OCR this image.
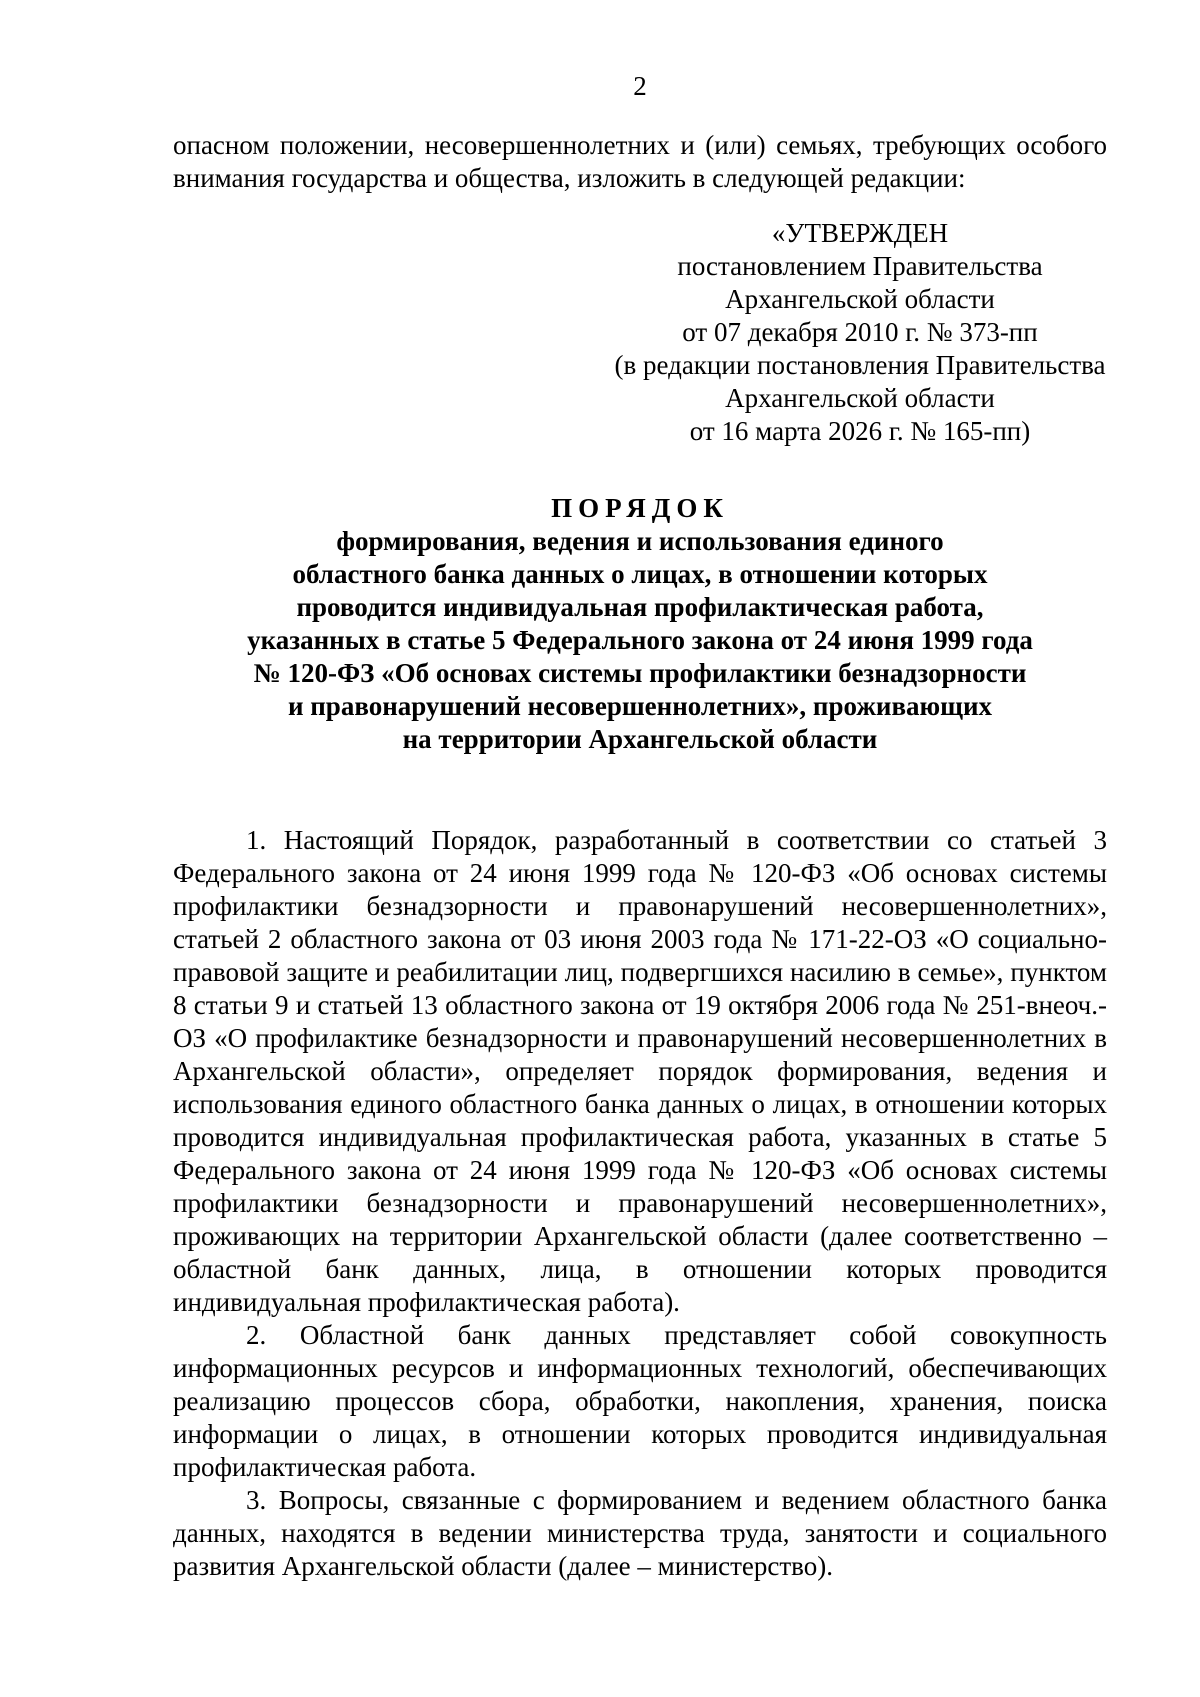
2

опасном положении, несовершеннолетних и (или) семьях, требующих особого внимания государства и общества, изложить в следующей редакции:

«УТВЕРЖДЕН
постановлением Правительства
Архангельской области
от 07 декабря 2010 г. № 373-пп
(в редакции постановления Правительства
Архангельской области
от 16 марта 2026 г. № 165-пп)
ПОРЯДОК
формирования, ведения и использования единого
областного банка данных о лицах, в отношении которых
проводится индивидуальная профилактическая работа,
указанных в статье 5 Федерального закона от 24 июня 1999 года
№ 120-ФЗ «Об основах системы профилактики безнадзорности
и правонарушений несовершеннолетних», проживающих
на территории Архангельской области

1. Настоящий Порядок, разработанный в соответствии со статьей 3 Федерального закона от 24 июня 1999 года № 120-ФЗ «Об основах системы профилактики безнадзорности и правонарушений несовершеннолетних», статьей 2 областного закона от 03 июня 2003 года № 171-22-ОЗ «О социально-правовой защите и реабилитации лиц, подвергшихся насилию в семье», пунктом 8 статьи 9 и статьей 13 областного закона от 19 октября 2006 года № 251-внеоч.-ОЗ «О профилактике безнадзорности и правонарушений несовершеннолетних в Архангельской области», определяет порядок формирования, ведения и использования единого областного банка данных о лицах, в отношении которых проводится индивидуальная профилактическая работа, указанных в статье 5 Федерального закона от 24 июня 1999 года № 120-ФЗ «Об основах системы профилактики безнадзорности и правонарушений несовершеннолетних», проживающих на территории Архангельской области (далее соответственно – областной банк данных, лица, в отношении которых проводится индивидуальная профилактическая работа).

2. Областной банк данных представляет собой совокупность информационных ресурсов и информационных технологий, обеспечивающих реализацию процессов сбора, обработки, накопления, хранения, поиска информации о лицах, в отношении которых проводится индивидуальная профилактическая работа.

3. Вопросы, связанные с формированием и ведением областного банка данных, находятся в ведении министерства труда, занятости и социального развития Архангельской области (далее – министерство).
